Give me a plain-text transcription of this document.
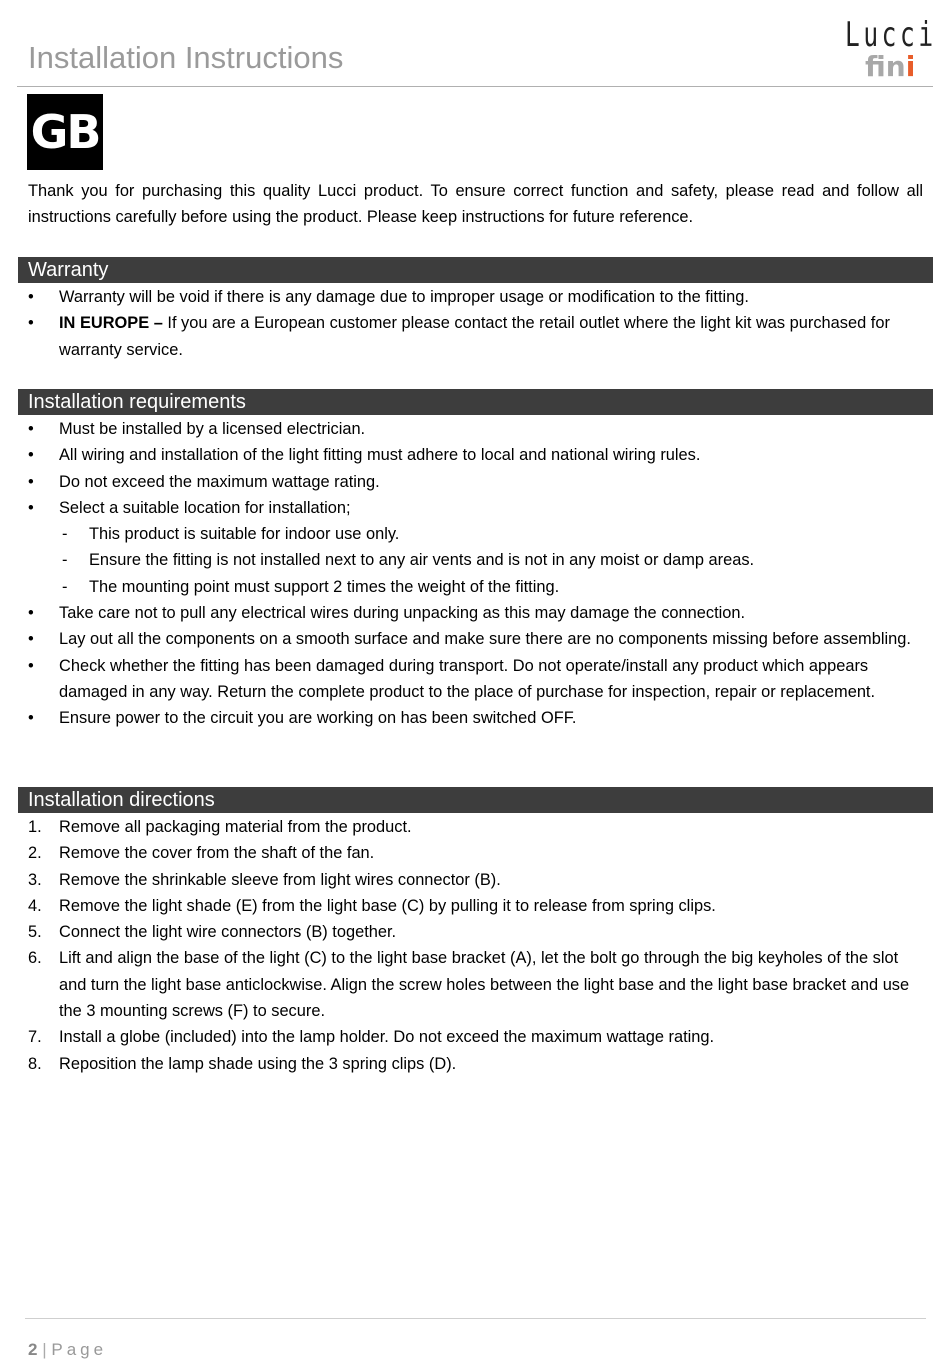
Installation Instructions
Lucci
fini
GB

Thank you for purchasing this quality Lucci product. To ensure correct function and safety, please read and follow all instructions carefully before using the product. Please keep instructions for future reference.

Warranty
• Warranty will be void if there is any damage due to improper usage or modification to the fitting.
• IN EUROPE – If you are a European customer please contact the retail outlet where the light kit was purchased for warranty service.
Installation requirements
• Must be installed by a licensed electrician.
• All wiring and installation of the light fitting must adhere to local and national wiring rules.
• Do not exceed the maximum wattage rating.
• Select a suitable location for installation;
- This product is suitable for indoor use only.
- Ensure the fitting is not installed next to any air vents and is not in any moist or damp areas.
- The mounting point must support 2 times the weight of the fitting.
• Take care not to pull any electrical wires during unpacking as this may damage the connection.
• Lay out all the components on a smooth surface and make sure there are no components missing before assembling.
• Check whether the fitting has been damaged during transport. Do not operate/install any product which appears damaged in any way. Return the complete product to the place of purchase for inspection, repair or replacement.
• Ensure power to the circuit you are working on has been switched OFF.
Installation directions
1. Remove all packaging material from the product.
2. Remove the cover from the shaft of the fan.
3. Remove the shrinkable sleeve from light wires connector (B).
4. Remove the light shade (E) from the light base (C) by pulling it to release from spring clips.
5. Connect the light wire connectors (B) together.
6. Lift and align the base of the light (C) to the light base bracket (A), let the bolt go through the big keyholes of the slot and turn the light base anticlockwise. Align the screw holes between the light base and the light base bracket and use the 3 mounting screws (F) to secure.
7. Install a globe (included) into the lamp holder. Do not exceed the maximum wattage rating.
8. Reposition the lamp shade using the 3 spring clips (D).
2 | Page
